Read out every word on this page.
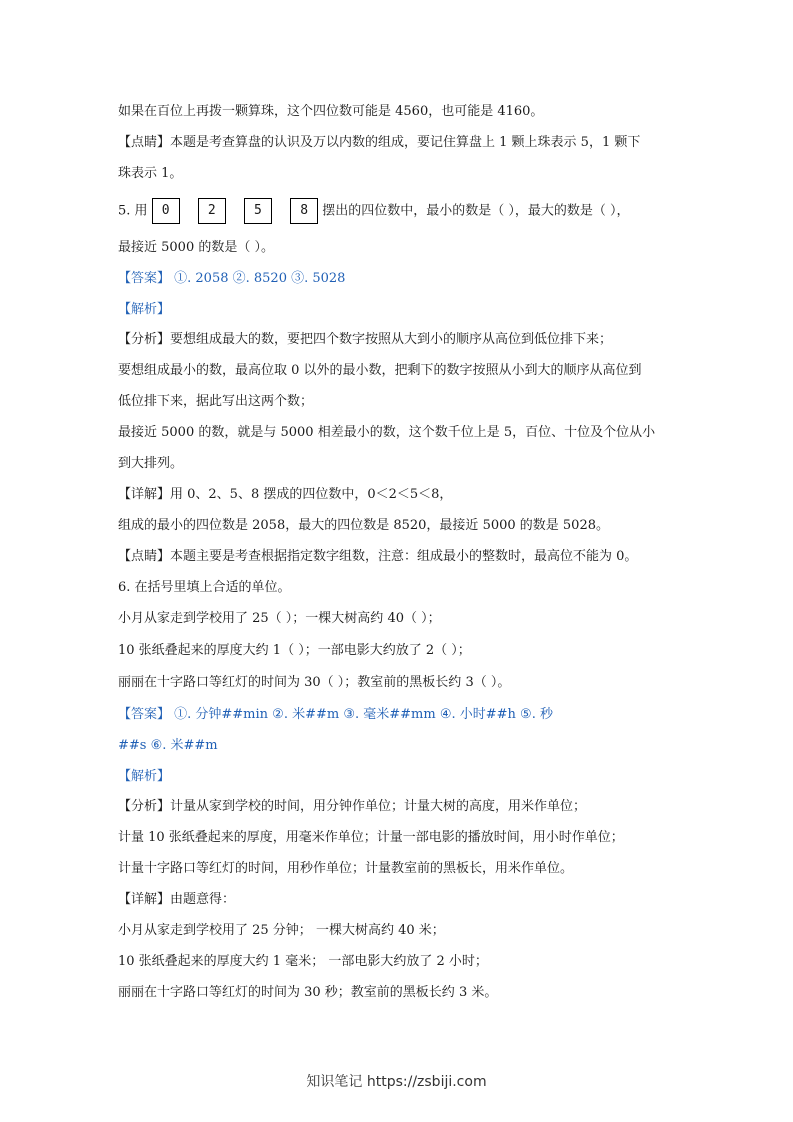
如果在百位上再拨一颗算珠，这个四位数可能是 4560，也可能是 4160。
【点睛】本题是考查算盘的认识及万以内数的组成，要记住算盘上 1 颗上珠表示 5，1 颗下
珠表示 1。
5. 用 0	2	5	8 摆出的四位数中，最小的数是（ ），最大的数是（ ），
最接近 5000 的数是（ ）。
【答案】 ①. 2058 ②. 8520 ③. 5028
【解析】
【分析】要想组成最大的数，要把四个数字按照从大到小的顺序从高位到低位排下来；
要想组成最小的数，最高位取 0 以外的最小数，把剩下的数字按照从小到大的顺序从高位到
低位排下来，据此写出这两个数；
最接近 5000 的数，就是与 5000 相差最小的数，这个数千位上是 5，百位、十位及个位从小
到大排列。
【详解】用 0、2、5、8 摆成的四位数中，0＜2＜5＜8，
组成的最小的四位数是 2058，最大的四位数是 8520，最接近 5000 的数是 5028。
【点睛】本题主要是考查根据指定数字组数，注意：组成最小的整数时，最高位不能为 0。
6. 在括号里填上合适的单位。
小月从家走到学校用了 25（ ）；一棵大树高约 40（ ）；
10 张纸叠起来的厚度大约 1（ ）；一部电影大约放了 2（ ）；
丽丽在十字路口等红灯的时间为 30（ ）；教室前的黑板长约 3（ ）。
【答案】 ①. 分钟##min ②. 米##m ③. 毫米##mm ④. 小时##h ⑤. 秒
##s ⑥. 米##m
【解析】
【分析】计量从家到学校的时间，用分钟作单位；计量大树的高度，用米作单位；
计量 10 张纸叠起来的厚度，用毫米作单位；计量一部电影的播放时间，用小时作单位；
计量十字路口等红灯的时间，用秒作单位；计量教室前的黑板长，用米作单位。
【详解】由题意得：
小月从家走到学校用了 25 分钟； 一棵大树高约 40 米；
10 张纸叠起来的厚度大约 1 毫米； 一部电影大约放了 2 小时；
丽丽在十字路口等红灯的时间为 30 秒；教室前的黑板长约 3 米。
知识笔记 https://zsbiji.com
